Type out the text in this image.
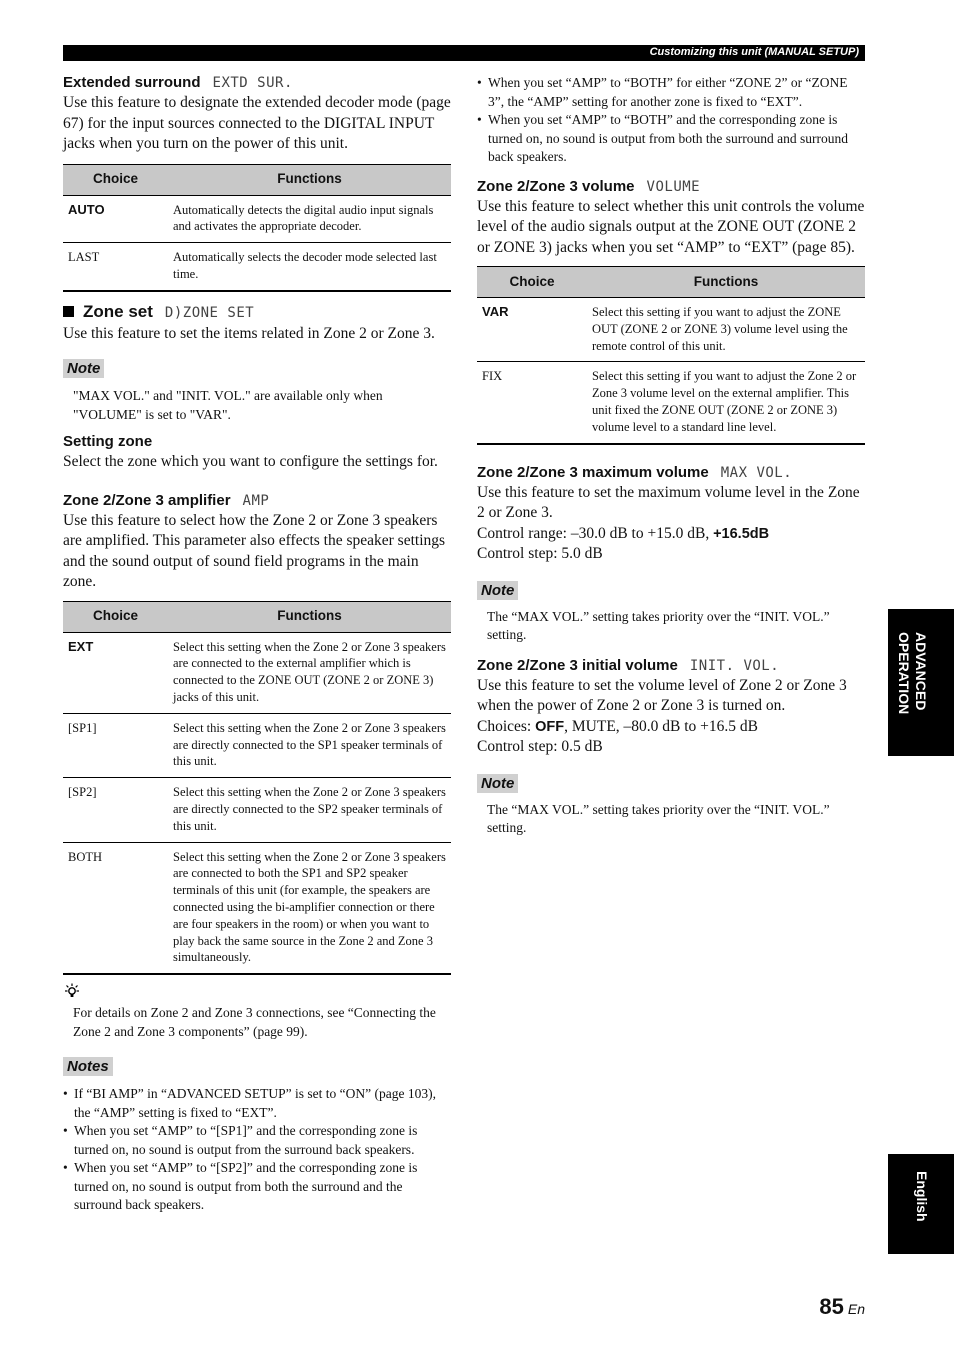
Customizing this unit (MANUAL SETUP)
Extended surround EXTD SUR.

Use this feature to designate the extended decoder mode (page 67) for the input sources connected to the DIGITAL INPUT jacks when you turn on the power of this unit.

Choice	Functions
AUTO	Automatically detects the digital audio input signals and activates the appropriate decoder.
LAST	Automatically selects the decoder mode selected last time.
Zone set D)ZONE SET

Use this feature to set the items related in Zone 2 or Zone 3.

Note

"MAX VOL." and "INIT. VOL." are available only when "VOLUME" is set to "VAR".

Setting zone

Select the zone which you want to configure the settings for.

Zone 2/Zone 3 amplifier AMP

Use this feature to select how the Zone 2 or Zone 3 speakers are amplified. This parameter also effects the speaker settings and the sound output of sound field programs in the main zone.

Choice	Functions
EXT	Select this setting when the Zone 2 or Zone 3 speakers are connected to the external amplifier which is connected to the ZONE OUT (ZONE 2 or ZONE 3) jacks of this unit.
[SP1]	Select this setting when the Zone 2 or Zone 3 speakers are directly connected to the SP1 speaker terminals of this unit.
[SP2]	Select this setting when the Zone 2 or Zone 3 speakers are directly connected to the SP2 speaker terminals of this unit.
BOTH	Select this setting when the Zone 2 or Zone 3 speakers are connected to both the SP1 and SP2 speaker terminals of this unit (for example, the speakers are connected using the bi-amplifier connection or there are four speakers in the room) or when you want to play back the same source in the Zone 2 and Zone 3 simultaneously.

For details on Zone 2 and Zone 3 connections, see “Connecting the Zone 2 and Zone 3 components” (page 99).

Notes
• If “BI AMP” in “ADVANCED SETUP” is set to “ON” (page 103), the “AMP” setting is fixed to “EXT”.
• When you set “AMP” to “[SP1]” and the corresponding zone is turned on, no sound is output from the surround back speakers.
• When you set “AMP” to “[SP2]” and the corresponding zone is turned on, no sound is output from both the surround and the surround back speakers.
• When you set “AMP” to “BOTH” for either “ZONE 2” or “ZONE 3”, the “AMP” setting for another zone is fixed to “EXT”.
• When you set “AMP” to “BOTH” and the corresponding zone is turned on, no sound is output from both the surround and surround back speakers.
Zone 2/Zone 3 volume VOLUME

Use this feature to select whether this unit controls the volume level of the audio signals output at the ZONE OUT (ZONE 2 or ZONE 3) jacks when you set “AMP” to “EXT” (page 85).

Choice	Functions
VAR	Select this setting if you want to adjust the ZONE OUT (ZONE 2 or ZONE 3) volume level using the remote control of this unit.
FIX	Select this setting if you want to adjust the Zone 2 or Zone 3 volume level on the external amplifier. This unit fixed the ZONE OUT (ZONE 2 or ZONE 3) volume level to a standard line level.
Zone 2/Zone 3 maximum volume MAX VOL.

Use this feature to set the maximum volume level in the Zone 2 or Zone 3.

Control range: –30.0 dB to +15.0 dB, +16.5dB

Control step: 5.0 dB

Note

The “MAX VOL.” setting takes priority over the “INIT. VOL.” setting.

Zone 2/Zone 3 initial volume INIT. VOL.

Use this feature to set the volume level of Zone 2 or Zone 3 when the power of Zone 2 or Zone 3 is turned on.

Choices: OFF, MUTE, –80.0 dB to +16.5 dB

Control step: 0.5 dB

Note

The “MAX VOL.” setting takes priority over the “INIT. VOL.” setting.

ADVANCED OPERATION
English
85 En
